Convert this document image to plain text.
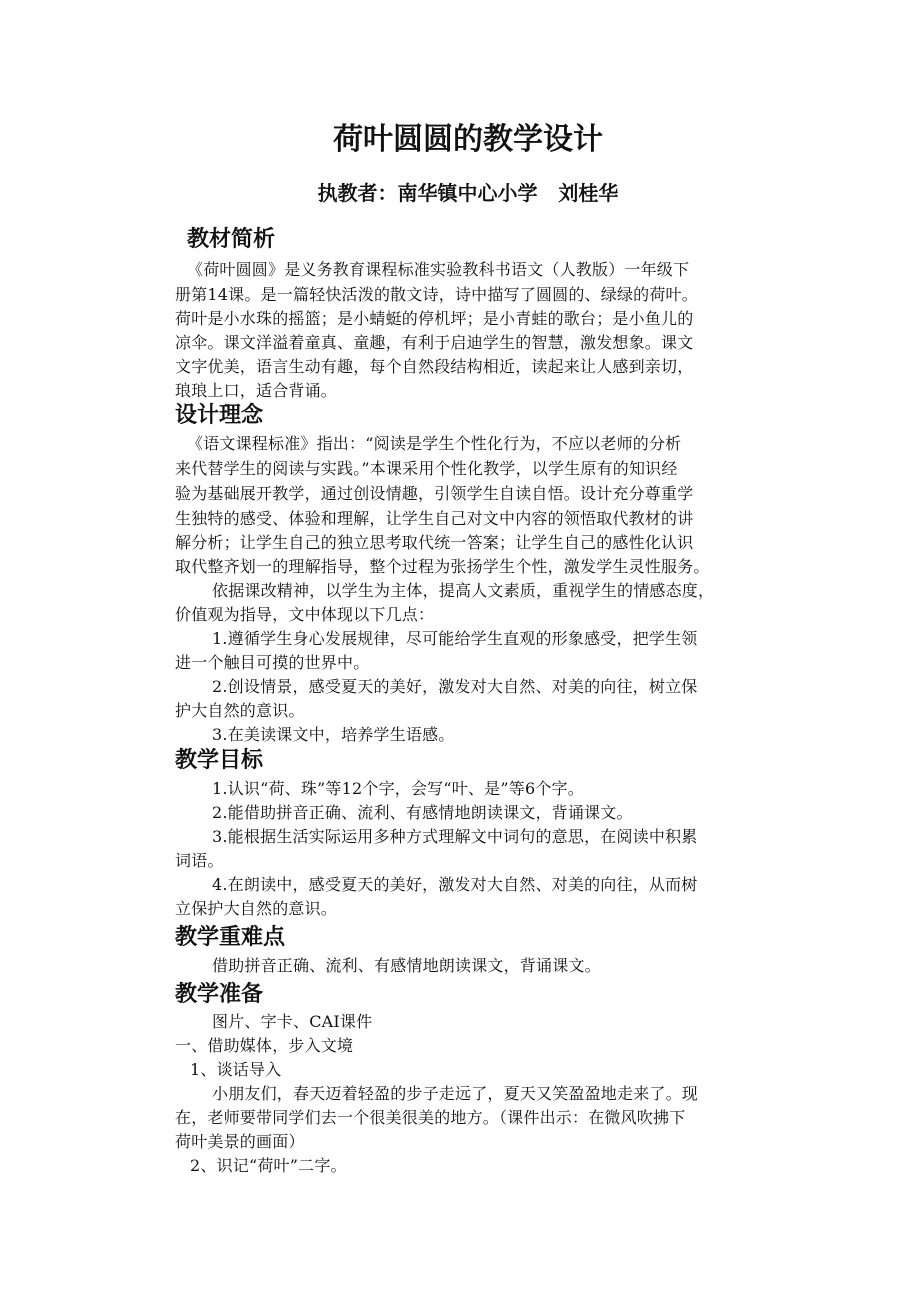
荷叶圆圆的教学设计
执教者：南华镇中心小学   刘桂华
教材简析
《荷叶圆圆》是义务教育课程标准实验教科书语文（人教版）一年级下
册第14课。是一篇轻快活泼的散文诗，诗中描写了圆圆的、绿绿的荷叶。
荷叶是小水珠的摇篮；是小蜻蜓的停机坪；是小青蛙的歌台；是小鱼儿的
凉伞。课文洋溢着童真、童趣，有利于启迪学生的智慧，激发想象。课文
文字优美，语言生动有趣，每个自然段结构相近，读起来让人感到亲切，
琅琅上口，适合背诵。
设计理念
《语文课程标准》指出：“阅读是学生个性化行为，不应以老师的分析
来代替学生的阅读与实践。”本课采用个性化教学，以学生原有的知识经
验为基础展开教学，通过创设情趣，引领学生自读自悟。设计充分尊重学
生独特的感受、体验和理解，让学生自己对文中内容的领悟取代教材的讲
解分析；让学生自己的独立思考取代统一答案；让学生自己的感性化认识
取代整齐划一的理解指导，整个过程为张扬学生个性，激发学生灵性服务。
依据课改精神，以学生为主体，提高人文素质，重视学生的情感态度，
价值观为指导，文中体现以下几点：
1.遵循学生身心发展规律，尽可能给学生直观的形象感受，把学生领
进一个触目可摸的世界中。
2.创设情景，感受夏天的美好，激发对大自然、对美的向往，树立保
护大自然的意识。
3.在美读课文中，培养学生语感。
教学目标
1.认识“荷、珠”等12个字，会写“叶、是”等6个字。
2.能借助拼音正确、流利、有感情地朗读课文，背诵课文。
3.能根据生活实际运用多种方式理解文中词句的意思，在阅读中积累
词语。
4.在朗读中，感受夏天的美好，激发对大自然、对美的向往，从而树
立保护大自然的意识。
教学重难点
借助拼音正确、流利、有感情地朗读课文，背诵课文。
教学准备
图片、字卡、CAI课件
一、借助媒体，步入文境
1、谈话导入
小朋友们，春天迈着轻盈的步子走远了，夏天又笑盈盈地走来了。现
在，老师要带同学们去一个很美很美的地方。（课件出示：在微风吹拂下
荷叶美景的画面）
2、识记“荷叶”二字。
